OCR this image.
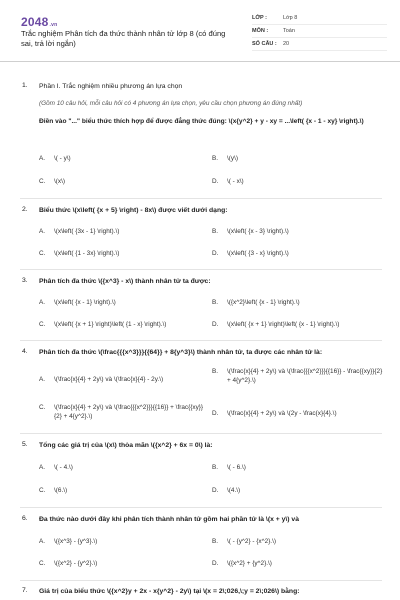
2048.vn
Trắc nghiệm Phân tích đa thức thành nhân tử lớp 8 (có đúng sai, trả lời ngắn)
LỚP :	Lớp 8
MÔN :	Toán
SỐ CÂU :	20
1.	Phần I. Trắc nghiệm nhiều phương án lựa chọn
(Gồm 10 câu hỏi, mỗi câu hỏi có 4 phương án lựa chọn, yêu cầu chọn phương án đúng nhất)
Điền vào "..." biểu thức thích hợp để được đẳng thức đúng: \(x{y^2} + y - xy = ...\left( {x - 1 - xy} \right).\)
A.	\( - y\)	B.	\(y\)
C.	\(x\)	D.	\( - x\)
2.	Biểu thức \(x\left( {x + 5} \right) - 8x\) được viết dưới dạng:
A.	\(x\left( {3x - 1} \right).\)	B.	\(x\left( {x - 3} \right).\)
C.	\(x\left( {1 - 3x} \right).\)	D.	\(x\left( {3 - x} \right).\)
3.	Phân tích đa thức \({x^3} - x\) thành nhân tử ta được:
A.	\(x\left( {x - 1} \right).\)	B.	\({x^2}\left( {x - 1} \right).\)
C.	\(x\left( {x + 1} \right)\left( {1 - x} \right).\)	D.	\(x\left( {x + 1} \right)\left( {x - 1} \right).\)
4.	Phân tích đa thức \(\frac{{{x^3}}}{{64}} + 8{y^3}\) thành nhân tử, ta được các nhân tử là:
A.	\(\frac{x}{4} + 2y\) và \(\frac{x}{4} - 2y.\)
B.	\(\frac{x}{4} + 2y\) và \(\frac{{{x^2}}}{{16}} - \frac{{xy}}{2} + 4{y^2}.\)
C.	\(\frac{x}{4} + 2y\) và \(\frac{{{x^2}}}{{16}} + \frac{{xy}}{2} + 4{y^2}.\)	D.	\(\frac{x}{4} + 2y\) và \(2y - \frac{x}{4}.\)
5.	Tổng các giá trị của \(x\) thỏa mãn \({x^2} + 6x = 0\) là:
A.	\( - 4.\)	B.	\( - 6.\)
C.	\(6.\)	D.	\(4.\)
6.	Đa thức nào dưới đây khi phân tích thành nhân tử gồm hai phần tử là \(x + y\) và
A.	\({x^3} - {y^3}.\)	B.	\( - {y^2} - {x^2}.\)
C.	\({x^2} - {y^2}.\)	D.	\({x^2} + {y^2}.\)
7.	Giá trị của biểu thức \({x^2}y + 2x - x{y^2} - 2y\) tại \(x = 2\;026,\;y = 2\;026\) bằng:
